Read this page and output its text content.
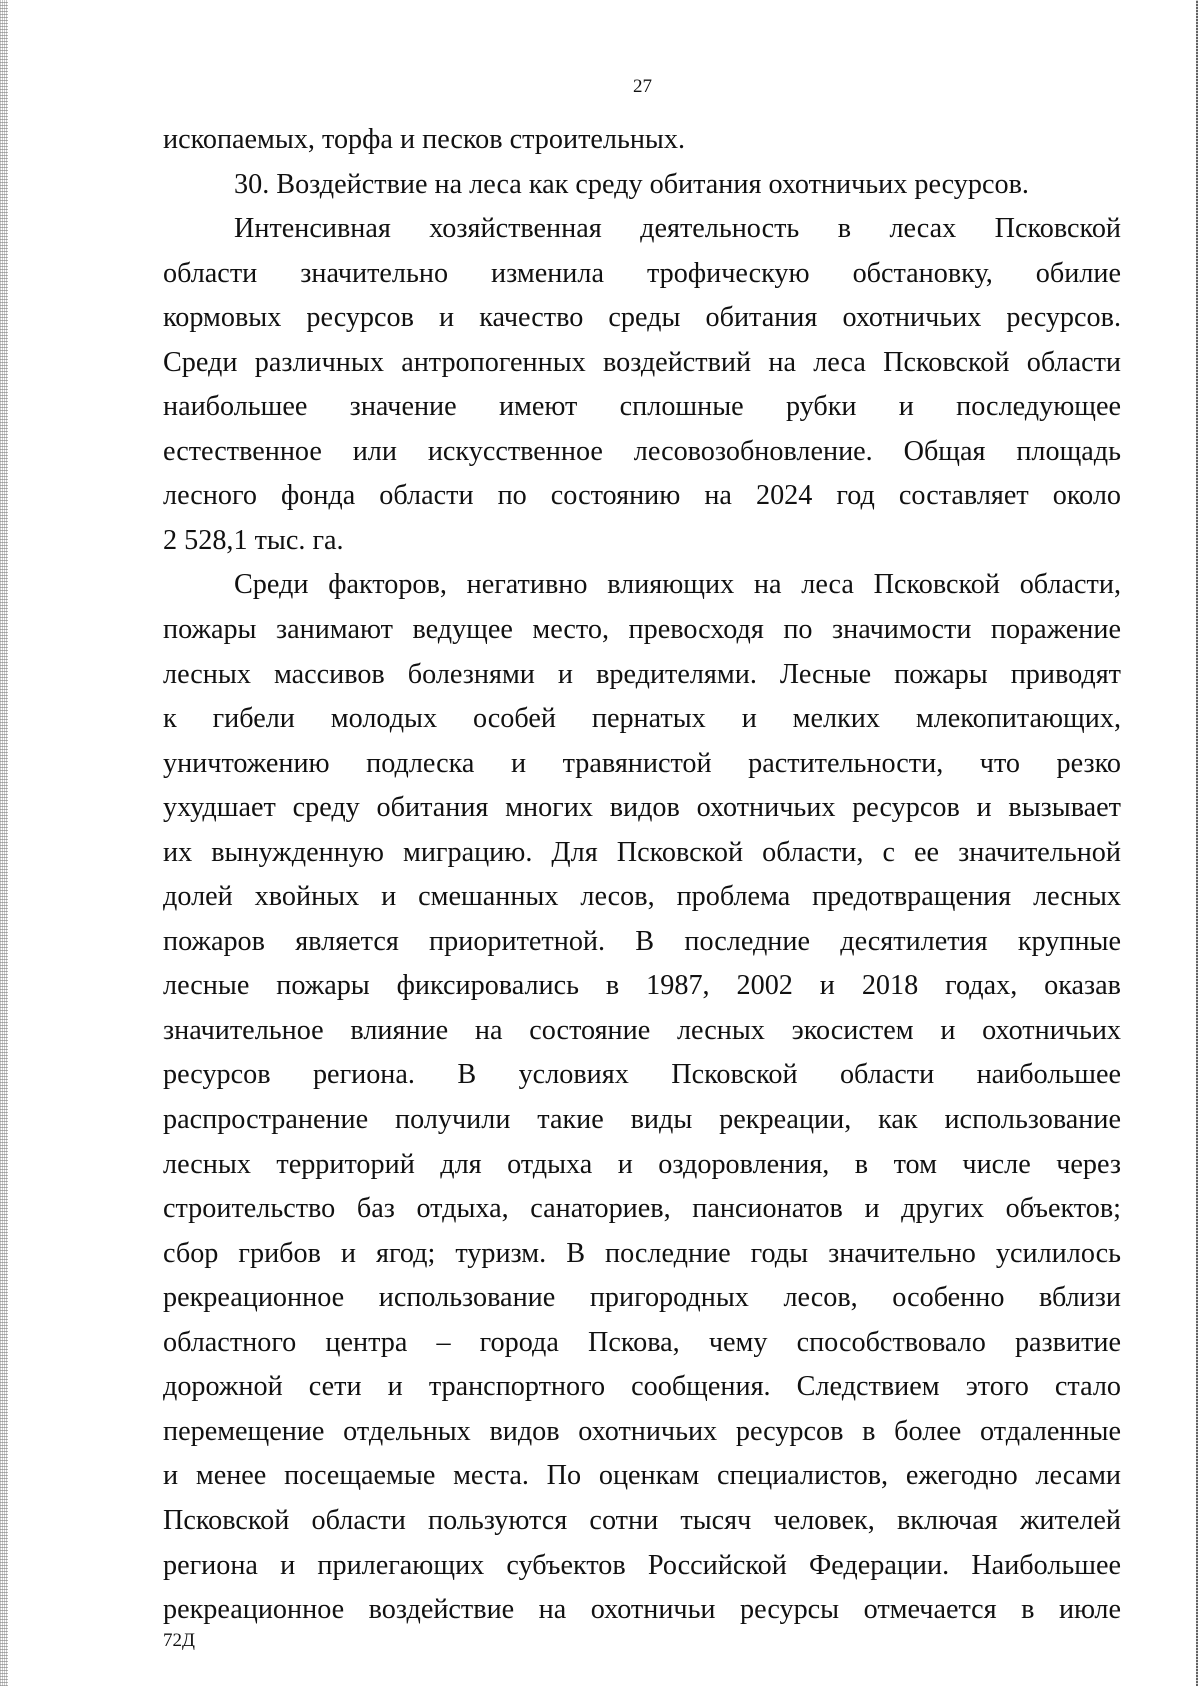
27
ископаемых, торфа и песков строительных.
30. Воздействие на леса как среду обитания охотничьих ресурсов.
Интенсивная хозяйственная деятельность в лесах Псковской
области значительно изменила трофическую обстановку, обилие
кормовых ресурсов и качество среды обитания охотничьих ресурсов.
Среди различных антропогенных воздействий на леса Псковской области
наибольшее значение имеют сплошные рубки и последующее
естественное или искусственное лесовозобновление. Общая площадь
лесного фонда области по состоянию на 2024 год составляет около
2 528,1 тыс. га.
Среди факторов, негативно влияющих на леса Псковской области,
пожары занимают ведущее место, превосходя по значимости поражение
лесных массивов болезнями и вредителями. Лесные пожары приводят
к гибели молодых особей пернатых и мелких млекопитающих,
уничтожению подлеска и травянистой растительности, что резко
ухудшает среду обитания многих видов охотничьих ресурсов и вызывает
их вынужденную миграцию. Для Псковской области, с ее значительной
долей хвойных и смешанных лесов, проблема предотвращения лесных
пожаров является приоритетной. В последние десятилетия крупные
лесные пожары фиксировались в 1987, 2002 и 2018 годах, оказав
значительное влияние на состояние лесных экосистем и охотничьих
ресурсов региона. В условиях Псковской области наибольшее
распространение получили такие виды рекреации, как использование
лесных территорий для отдыха и оздоровления, в том числе через
строительство баз отдыха, санаториев, пансионатов и других объектов;
сбор грибов и ягод; туризм. В последние годы значительно усилилось
рекреационное использование пригородных лесов, особенно вблизи
областного центра – города Пскова, чему способствовало развитие
дорожной сети и транспортного сообщения. Следствием этого стало
перемещение отдельных видов охотничьих ресурсов в более отдаленные
и менее посещаемые места. По оценкам специалистов, ежегодно лесами
Псковской области пользуются сотни тысяч человек, включая жителей
региона и прилегающих субъектов Российской Федерации. Наибольшее
рекреационное воздействие на охотничьи ресурсы отмечается в июле
72Д
